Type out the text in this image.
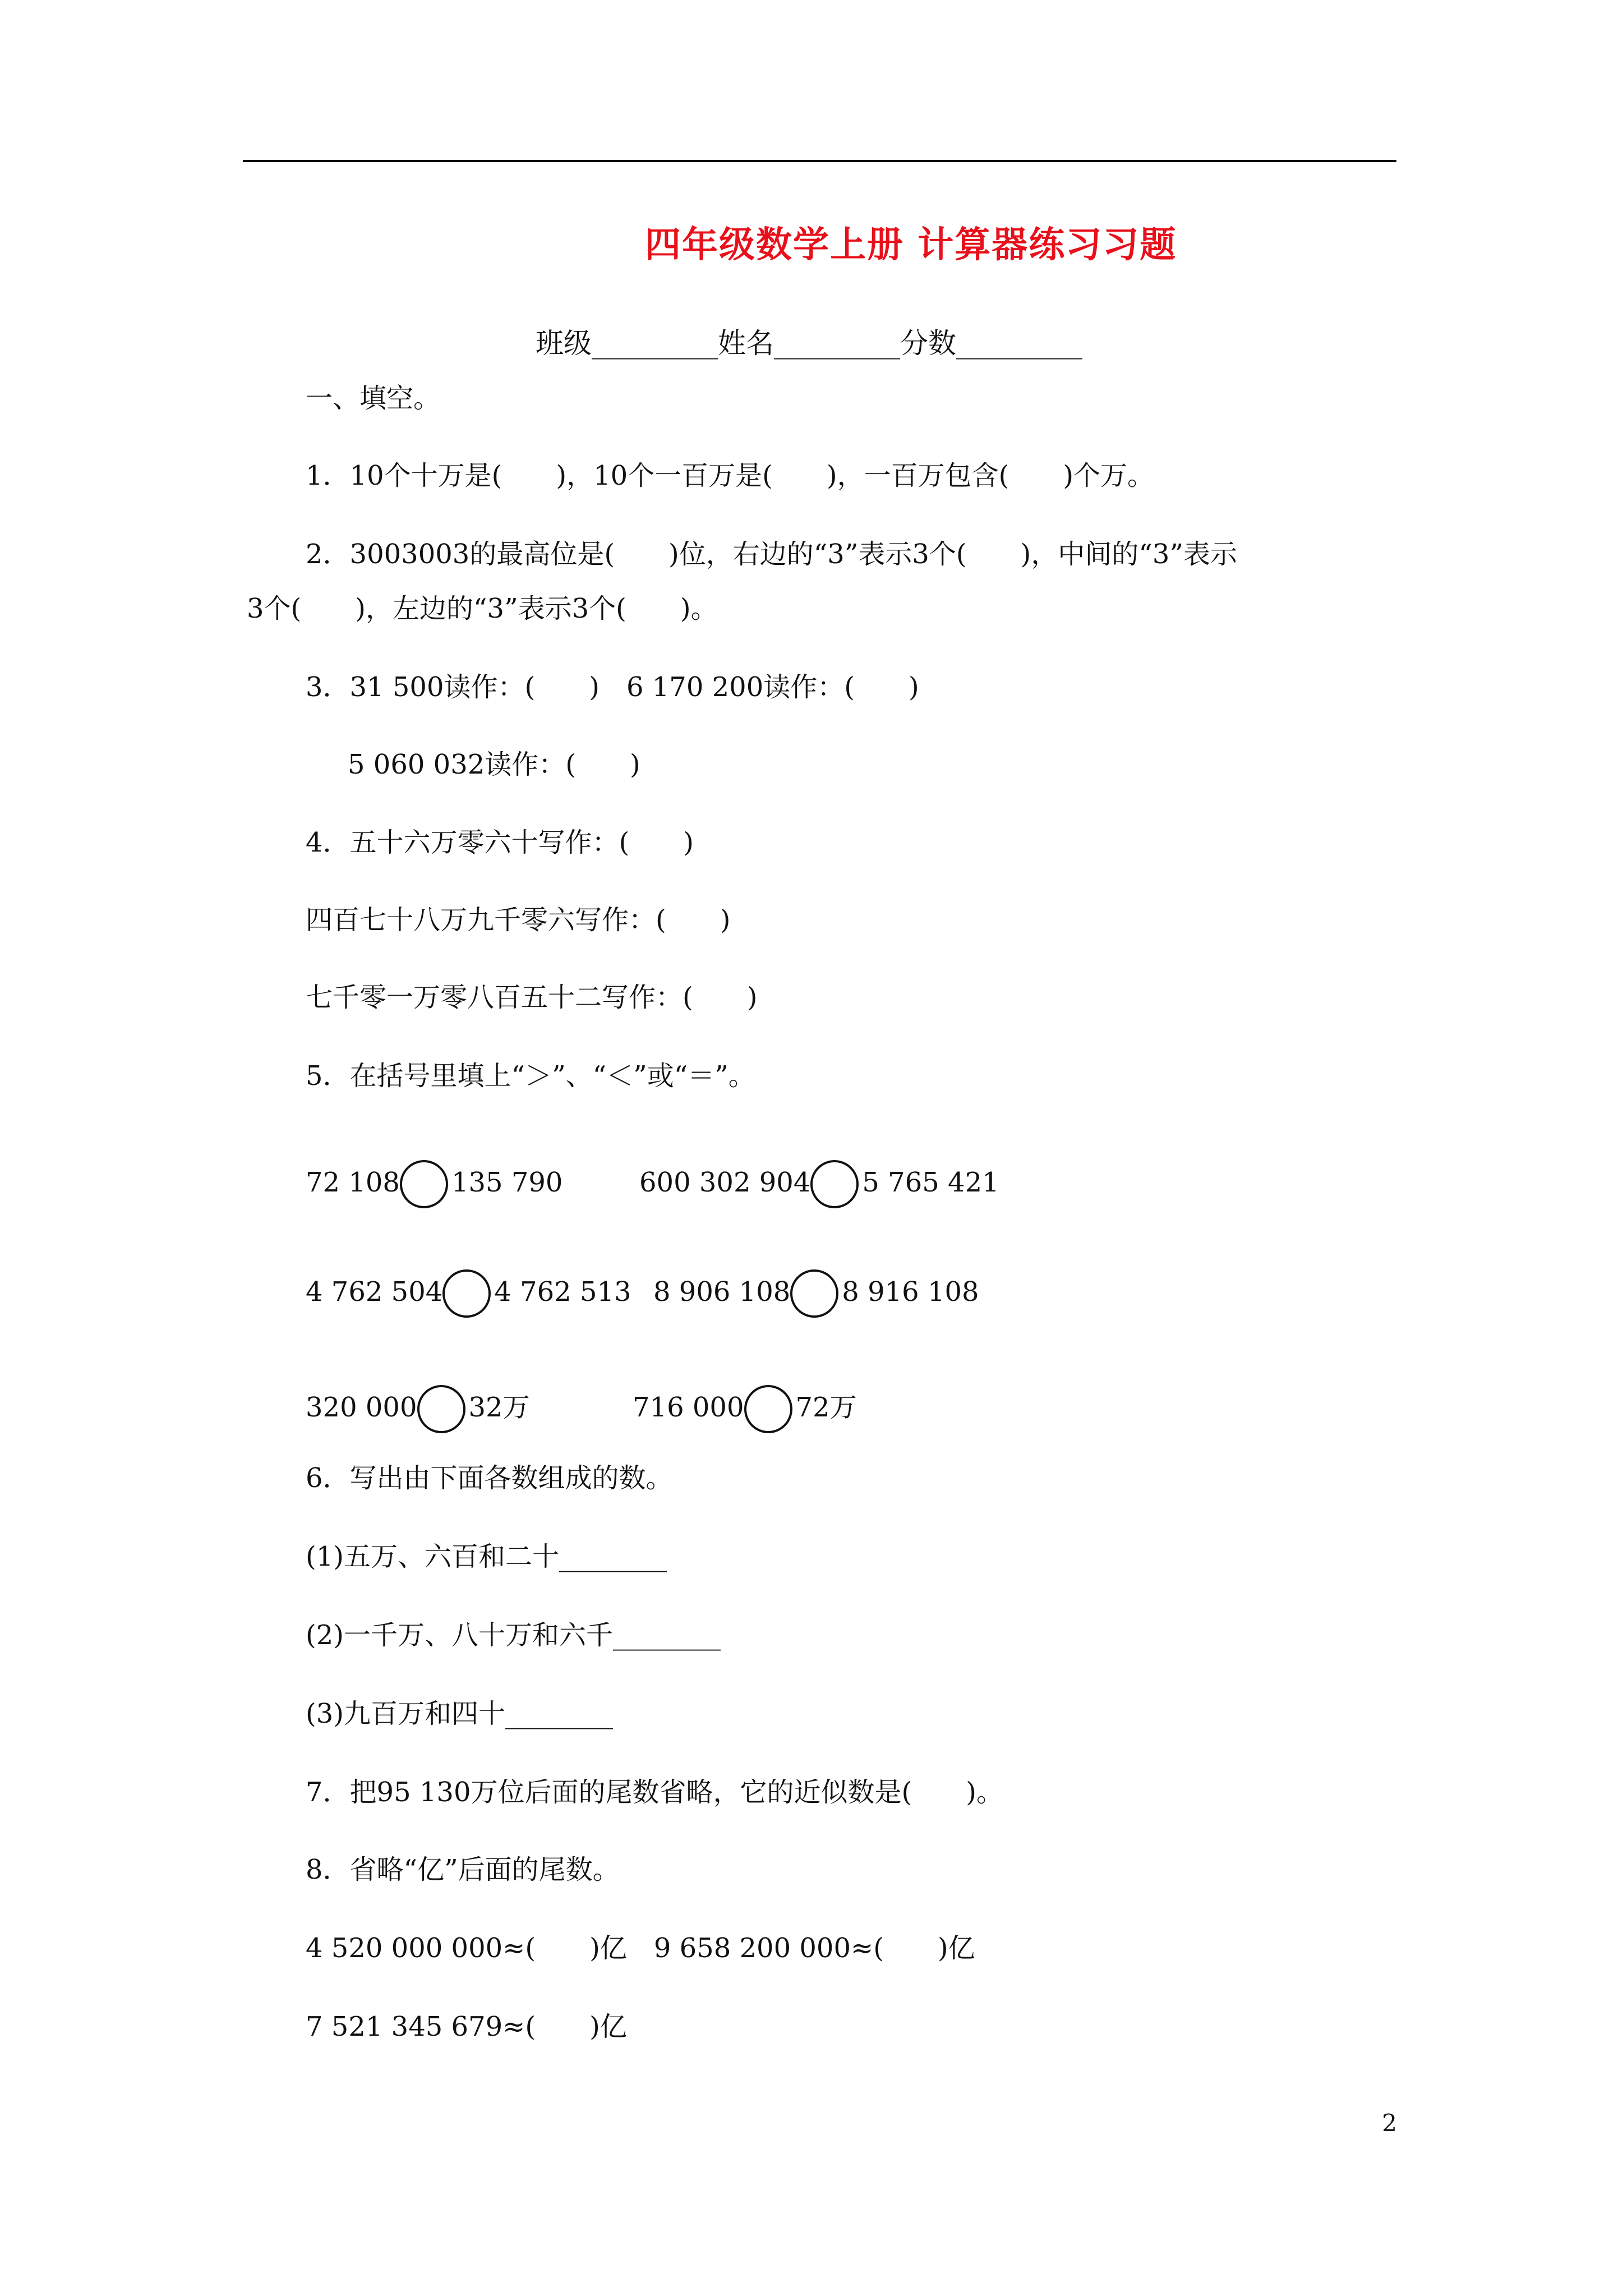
四年级数学上册 计算器练习习题
班级_________姓名_________分数_________
一、填空。
1．10个十万是(　　)，10个一百万是(　　)，一百万包含(　　)个万。
2．3003003的最高位是(　　)位，右边的“3”表示3个(　　)，中间的“3”表示
3个(　　)，左边的“3”表示3个(　　)。
3．31 500读作：(　　)　6 170 200读作：(　　)
5 060 032读作：(　　)
4．五十六万零六十写作：(　　)
四百七十八万九千零六写作：(　　)
七千零一万零八百五十二写作：(　　)
5．在括号里填上“＞”、“＜”或“＝”。
72 108 135 790	600 302 904 5 765 421
4 762 504 4 762 513 8 906 108 8 916 108
320 000 32万	716 000 72万
6．写出由下面各数组成的数。
(1)五万、六百和二十________
(2)一千万、八十万和六千________
(3)九百万和四十________
7．把95 130万位后面的尾数省略，它的近似数是(　　)。
8．省略“亿”后面的尾数。
4 520 000 000≈(　　)亿　9 658 200 000≈(　　)亿
7 521 345 679≈(　　)亿
2
